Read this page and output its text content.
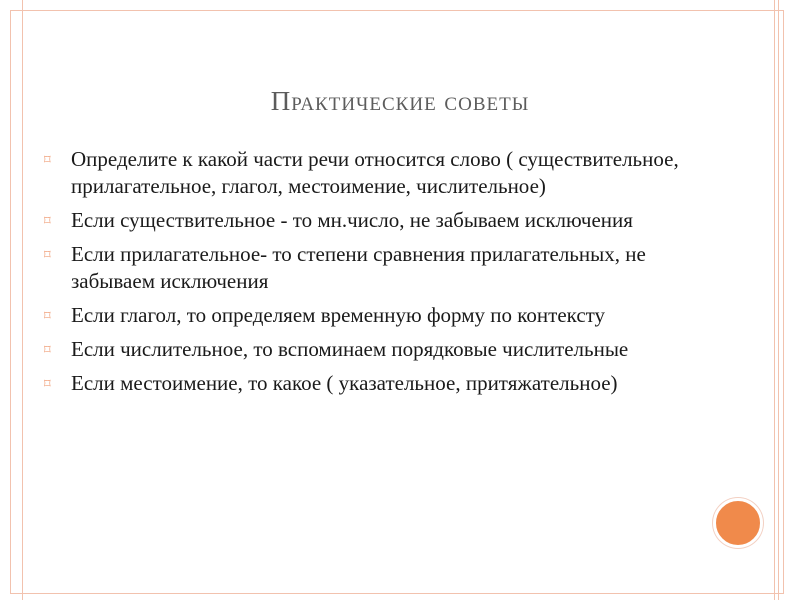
Практические советы
⌑ Определите к какой части речи относится слово ( существительное, прилагательное, глагол, местоимение, числительное)
⌑ Если существительное - то мн.число, не забываем исключения
⌑ Если прилагательное- то степени сравнения прилагательных, не забываем исключения
⌑ Если глагол, то определяем временную форму по контексту
⌑ Если числительное, то вспоминаем порядковые числительные
⌑ Если местоимение, то какое ( указательное, притяжательное)
